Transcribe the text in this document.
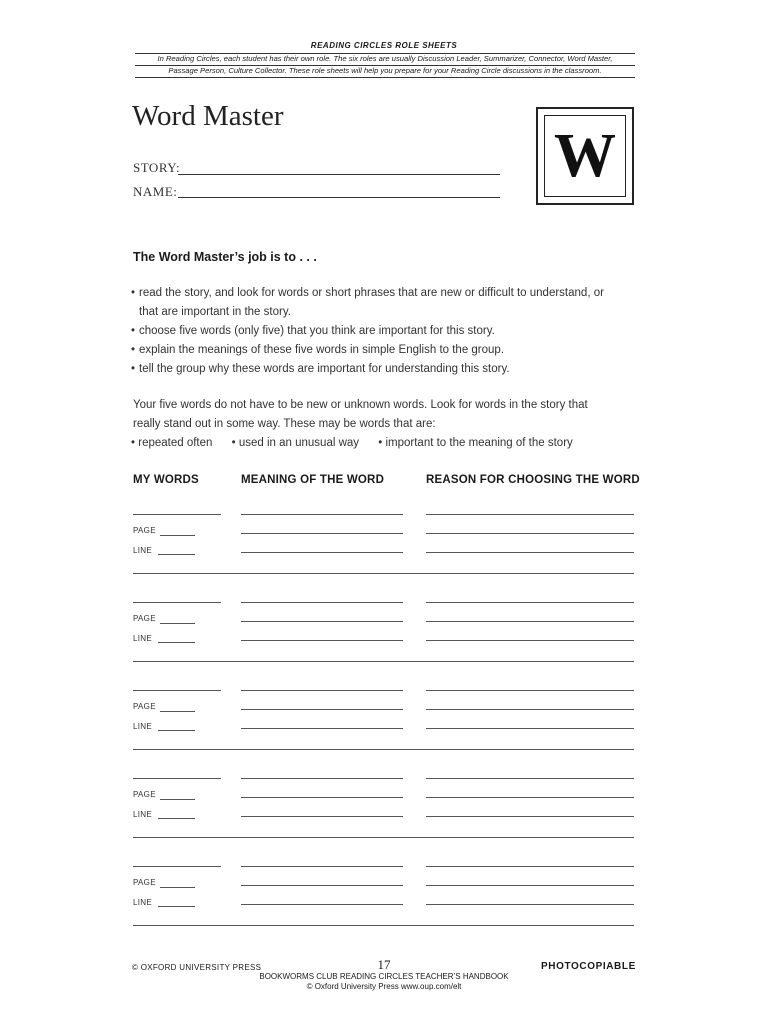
READING CIRCLES ROLE SHEETS
In Reading Circles, each student has their own role. The six roles are usually Discussion Leader, Summarizer, Connector, Word Master,
Passage Person, Culture Collector. These role sheets will help you prepare for your Reading Circle discussions in the classroom.
Word Master
STORY:
NAME:
W
The Word Master’s job is to . . .
• read the story, and look for words or short phrases that are new or difficult to understand, or
that are important in the story.
• choose five words (only five) that you think are important for this story.
• explain the meanings of these five words in simple English to the group.
• tell the group why these words are important for understanding this story.
Your five words do not have to be new or unknown words. Look for words in the story that
really stand out in some way. These may be words that are:
• repeated often • used in an unusual way • important to the meaning of the story
MY WORDS	MEANING OF THE WORD	REASON FOR CHOOSING THE WORD
PAGE
LINE
PAGE
LINE
PAGE
LINE
PAGE
LINE
PAGE
LINE
© OXFORD UNIVERSITY PRESS	17
BOOKWORMS CLUB READING CIRCLES TEACHER’S HANDBOOK
© Oxford University Press www.oup.com/elt
PHOTOCOPIABLE
